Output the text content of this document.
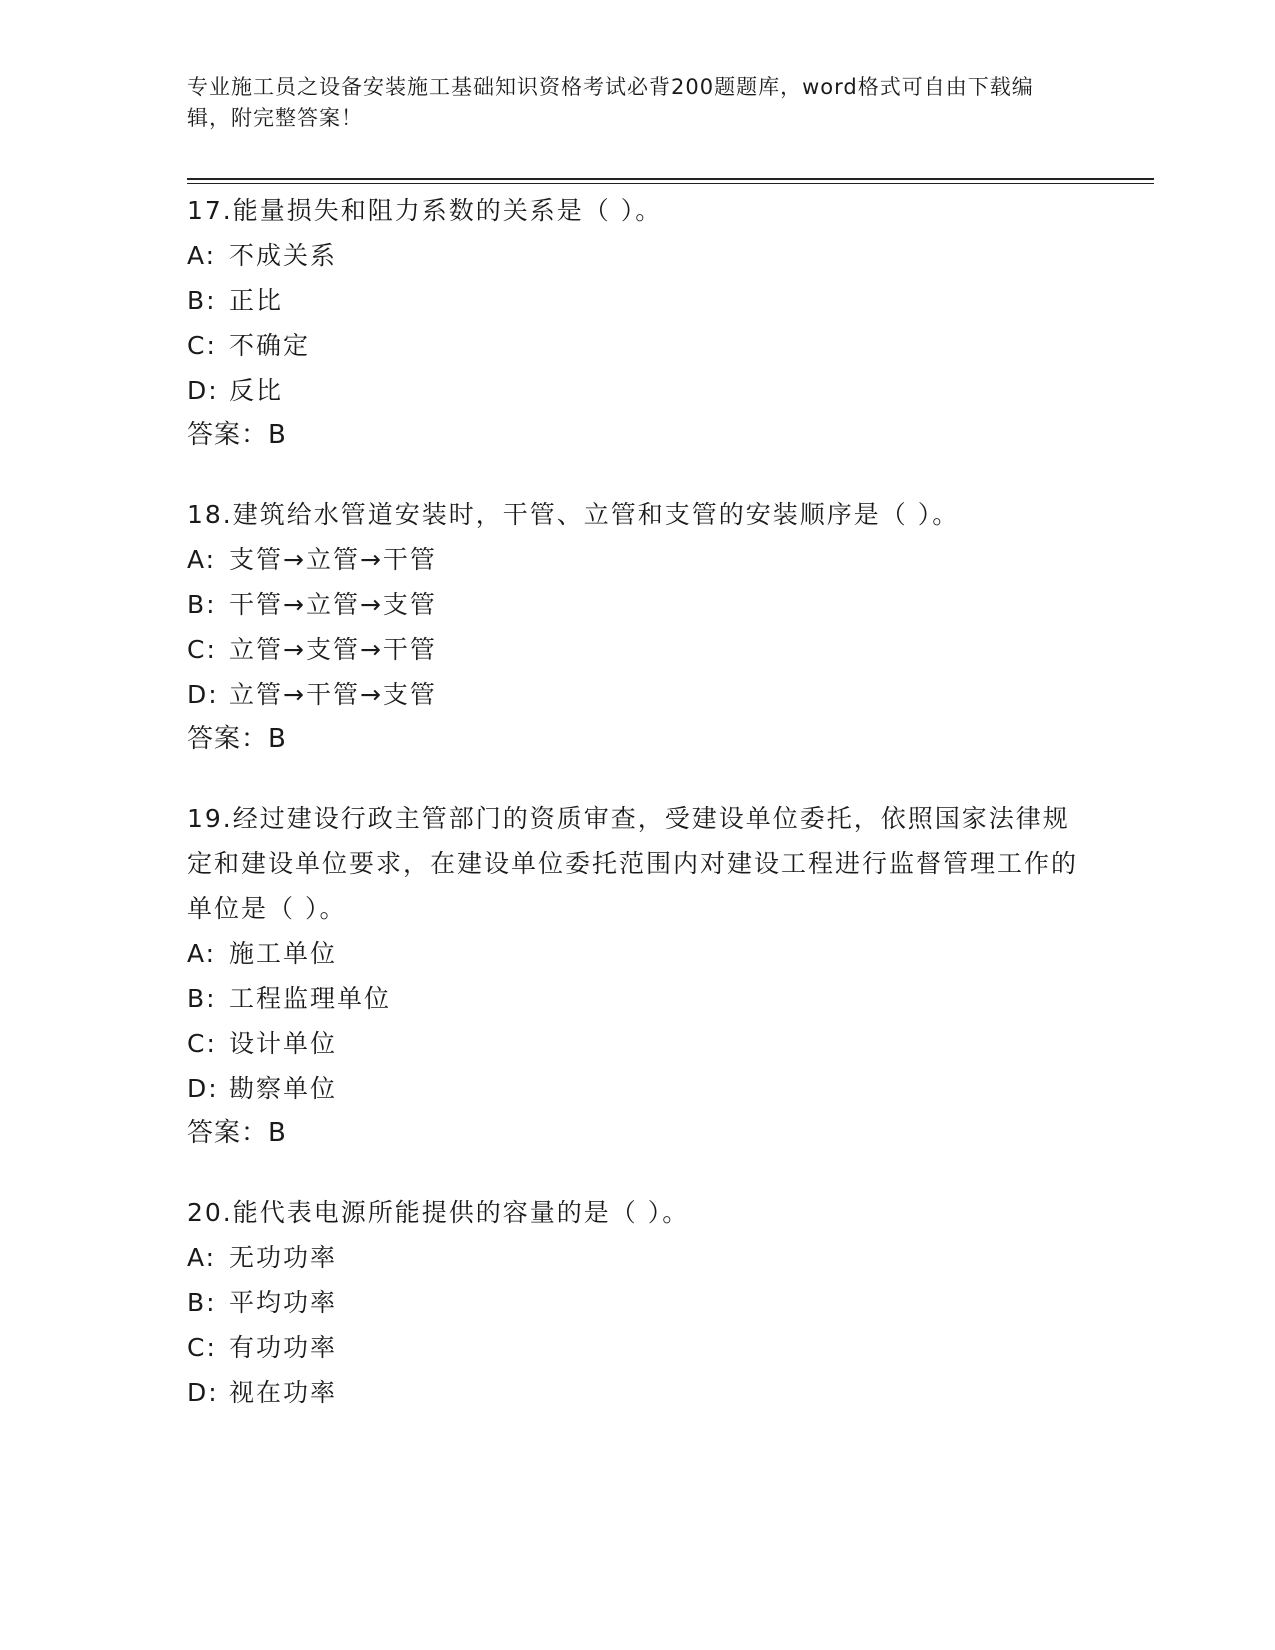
专业施工员之设备安装施工基础知识资格考试必背200题题库，word格式可自由下载编辑，附完整答案！
17.能量损失和阻力系数的关系是（ ）。
A: 不成关系
B: 正比
C: 不确定
D: 反比
答案：B
18.建筑给水管道安装时，干管、立管和支管的安装顺序是（ ）。
A: 支管→立管→干管
B: 干管→立管→支管
C: 立管→支管→干管
D: 立管→干管→支管
答案：B
19.经过建设行政主管部门的资质审查，受建设单位委托，依照国家法律规定和建设单位要求，在建设单位委托范围内对建设工程进行监督管理工作的单位是（ ）。
A: 施工单位
B: 工程监理单位
C: 设计单位
D: 勘察单位
答案：B
20.能代表电源所能提供的容量的是（ ）。
A: 无功功率
B: 平均功率
C: 有功功率
D: 视在功率
